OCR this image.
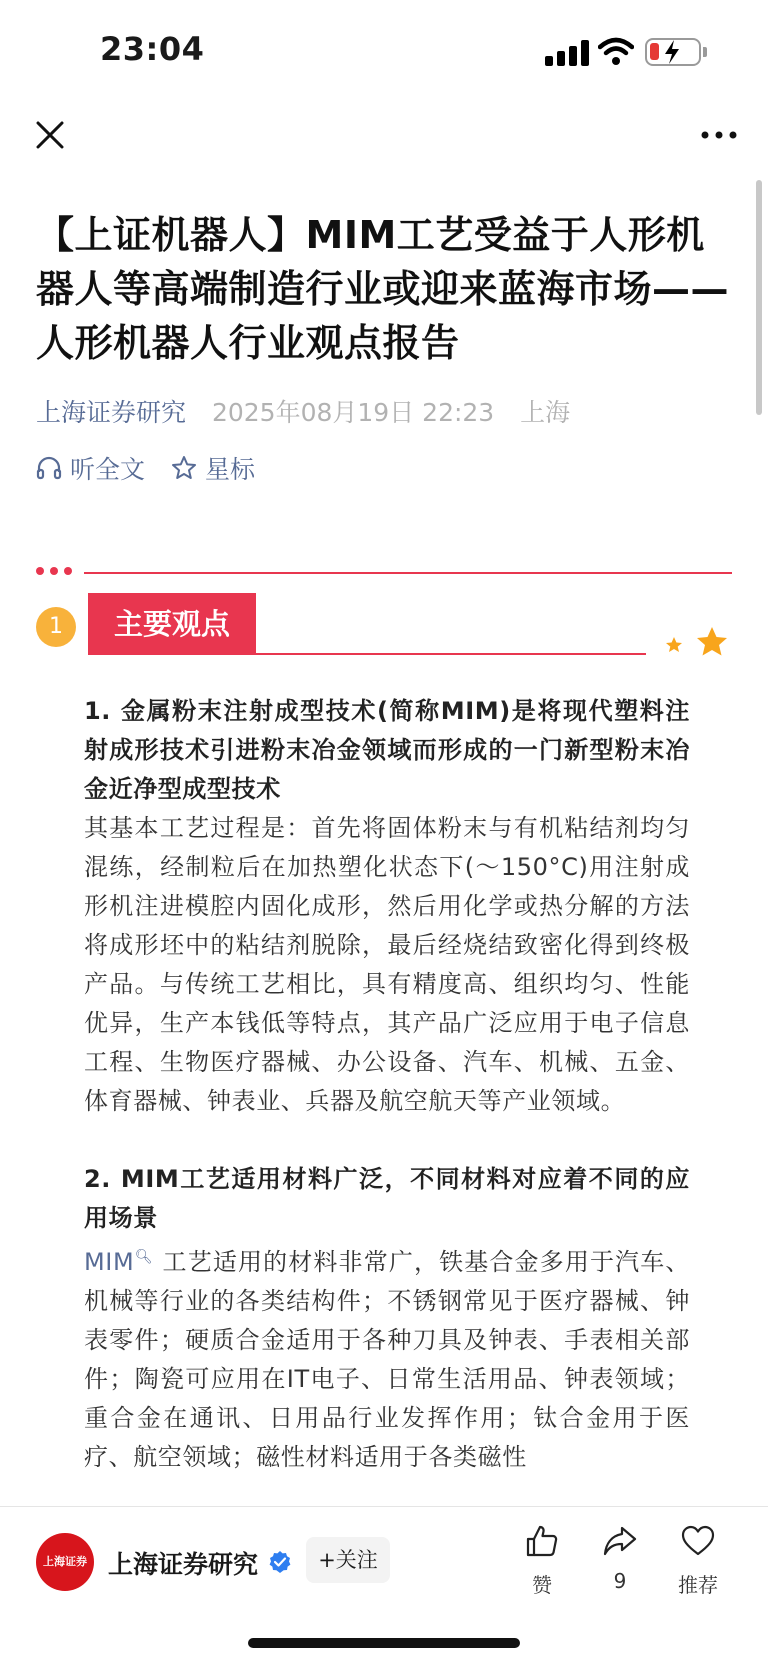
23:04
【上证机器人】MIM工艺受益于人形机器人等高端制造行业或迎来蓝海市场——人形机器人行业观点报告
上海证券研究 2025年08月19日 22:23 上海
听全文 星标
1	主要观点

1. 金属粉末注射成型技术(简称MIM)是将现代塑料注射成形技术引进粉末冶金领域而形成的一门新型粉末冶金近净型成型技术

其基本工艺过程是：首先将固体粉末与有机粘结剂均匀混练，经制粒后在加热塑化状态下(～150°C)用注射成形机注进模腔内固化成形，然后用化学或热分解的方法将成形坯中的粘结剂脱除，最后经烧结致密化得到终极产品。与传统工艺相比，具有精度高、组织均匀、性能优异，生产本钱低等特点，其产品广泛应用于电子信息工程、生物医疗器械、办公设备、汽车、机械、五金、体育器械、钟表业、兵器及航空航天等产业领域。

2. MIM工艺适用材料广泛，不同材料对应着不同的应用场景

MIM🔍︎ 工艺适用的材料非常广，铁基合金多用于汽车、机械等行业的各类结构件；不锈钢常见于医疗器械、钟表零件；硬质合金适用于各种刀具及钟表、手表相关部件；陶瓷可应用在IT电子、日常生活用品、钟表领域；重合金在通讯、日用品行业发挥作用；钛合金用于医疗、航空领域；磁性材料适用于各类磁性

上海证券 上海证券研究	+关注
赞	9	推荐
